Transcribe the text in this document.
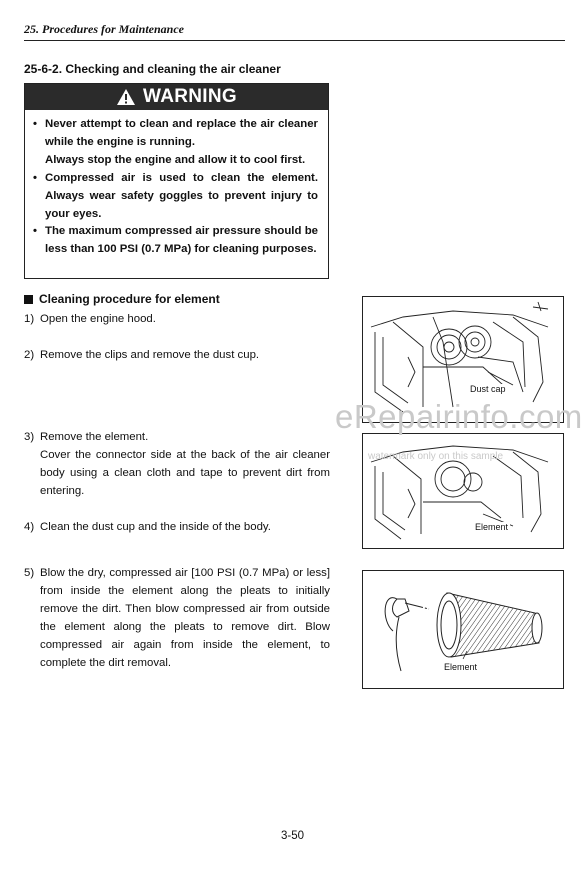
25. Procedures for Maintenance
25-6-2. Checking and cleaning the air cleaner
WARNING
• Never attempt to clean and replace the air cleaner while the engine is running.
Always stop the engine and allow it to cool first.
• Compressed air is used to clean the element. Always wear safety goggles to prevent injury to your eyes.
• The maximum compressed air pressure should be less than 100 PSI (0.7 MPa) for cleaning purposes.
Cleaning procedure for element
1) Open the engine hood.
2) Remove the clips and remove the dust cup.
3) Remove the element.
Cover the connector side at the back of the air cleaner body using a clean cloth and tape to prevent dirt from entering.
4) Clean the dust cup and the inside of the body.
5) Blow the dry, compressed air [100 PSI (0.7 MPa) or less] from inside the element along the pleats to initially remove the dirt. Then blow compressed air from outside the element along the pleats to remove dirt. Blow compressed air again from inside the element, to complete the dirt removal.
Dust cap
Element
Element
eRepairinfo.com
watermark only on this sample
3-50
